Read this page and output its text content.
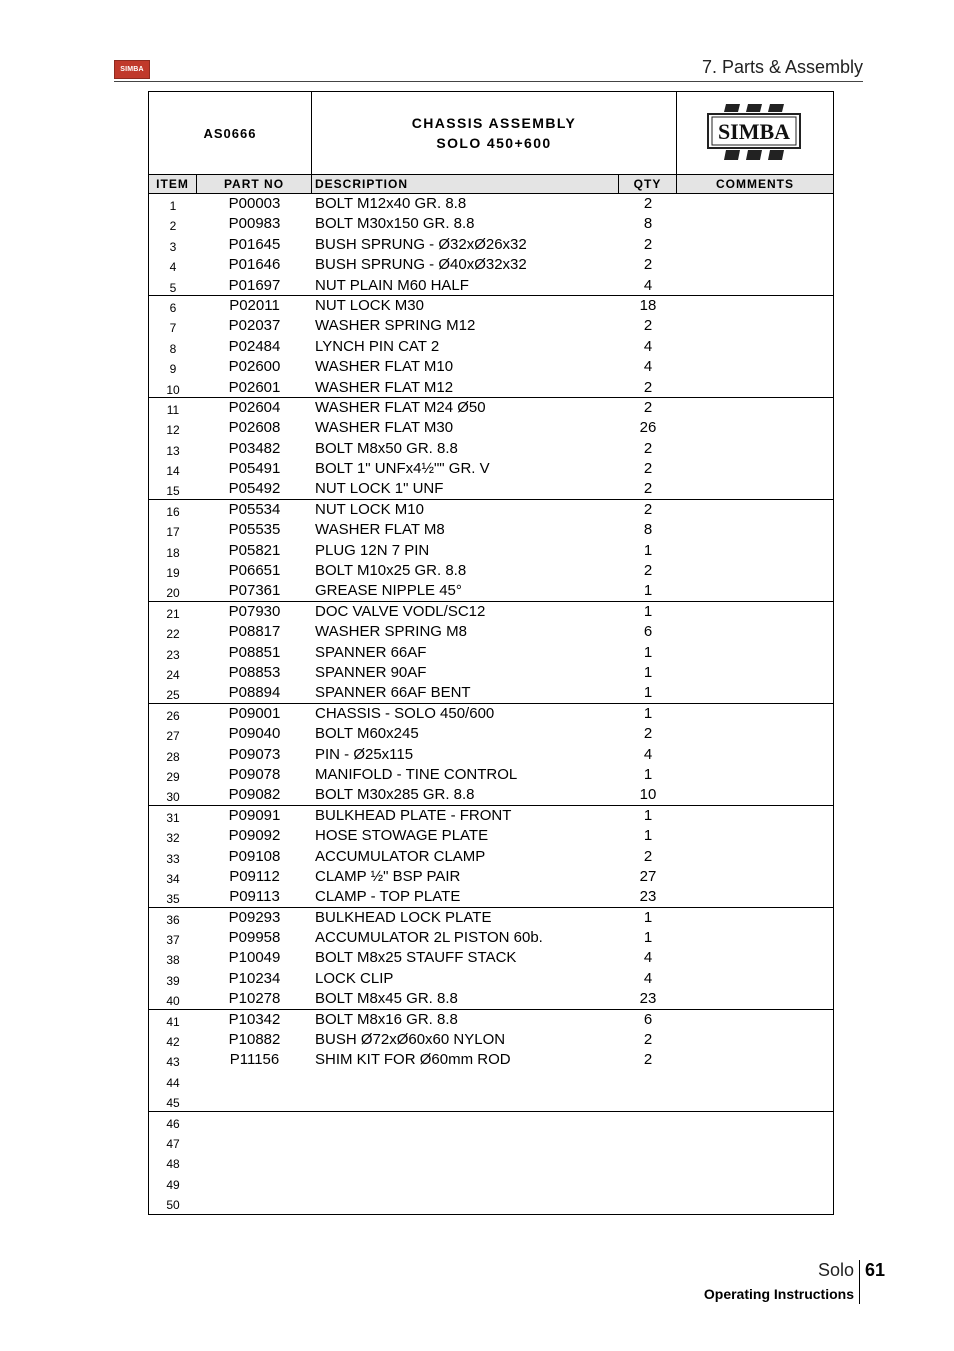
SIMBA	7. Parts & Assembly
AS0666
CHASSIS ASSEMBLY
SOLO 450+600	SIMBA
ITEM	PART NO	DESCRIPTION	QTY	COMMENTS
1	P00003	BOLT M12x40 GR. 8.8	2
2	P00983	BOLT M30x150 GR. 8.8	8
3	P01645	BUSH SPRUNG - Ø32xØ26x32	2
4	P01646	BUSH SPRUNG - Ø40xØ32x32	2
5	P01697	NUT PLAIN M60 HALF	4
6	P02011	NUT LOCK M30	18
7	P02037	WASHER SPRING M12	2
8	P02484	LYNCH PIN CAT 2	4
9	P02600	WASHER FLAT M10	4
10	P02601	WASHER FLAT M12	2
11	P02604	WASHER FLAT M24 Ø50	2
12	P02608	WASHER FLAT M30	26
13	P03482	BOLT M8x50 GR. 8.8	2
14	P05491	BOLT 1" UNFx4½"" GR. V	2
15	P05492	NUT LOCK 1" UNF	2
16	P05534	NUT LOCK M10	2
17	P05535	WASHER FLAT M8	8
18	P05821	PLUG 12N 7 PIN	1
19	P06651	BOLT M10x25 GR. 8.8	2
20	P07361	GREASE NIPPLE 45°	1
21	P07930	DOC VALVE VODL/SC12	1
22	P08817	WASHER SPRING M8	6
23	P08851	SPANNER 66AF	1
24	P08853	SPANNER 90AF	1
25	P08894	SPANNER 66AF BENT	1
26	P09001	CHASSIS - SOLO 450/600	1
27	P09040	BOLT M60x245	2
28	P09073	PIN - Ø25x115	4
29	P09078	MANIFOLD - TINE CONTROL	1
30	P09082	BOLT M30x285 GR. 8.8	10
31	P09091	BULKHEAD PLATE - FRONT	1
32	P09092	HOSE STOWAGE PLATE	1
33	P09108	ACCUMULATOR CLAMP	2
34	P09112	CLAMP ½" BSP PAIR	27
35	P09113	CLAMP - TOP PLATE	23
36	P09293	BULKHEAD LOCK PLATE	1
37	P09958	ACCUMULATOR 2L PISTON 60b.	1
38	P10049	BOLT M8x25 STAUFF STACK	4
39	P10234	LOCK CLIP	4
40	P10278	BOLT M8x45 GR. 8.8	23
41	P10342	BOLT M8x16 GR. 8.8	6
42	P10882	BUSH Ø72xØ60x60 NYLON	2
43	P11156	SHIM KIT FOR Ø60mm ROD	2
44
45
46
47
48
49
50
Solo 61
Operating Instructions
